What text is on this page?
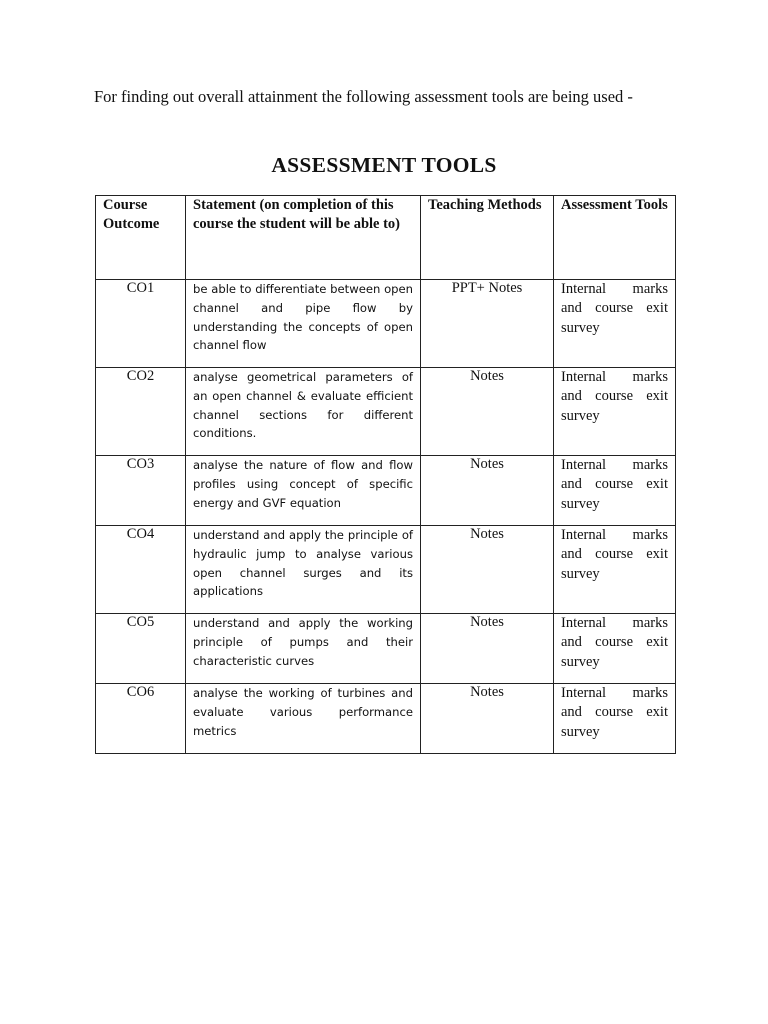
For finding out overall attainment the following assessment tools are being used -

ASSESSMENT TOOLS
Course Outcome	Statement (on completion of this course the student will be able to)	Teaching Methods	Assessment Tools

CO1	be able to differentiate between open channel and pipe flow by understanding the concepts of open channel flow	PPT+ Notes	Internal marks and course exit survey

CO2	analyse geometrical parameters of an open channel & evaluate efficient channel sections for different conditions.	Notes	Internal marks and course exit survey

CO3	analyse the nature of flow and flow profiles using concept of specific energy and GVF equation	Notes	Internal marks and course exit survey

CO4	understand and apply the principle of hydraulic jump to analyse various open channel surges and its applications	Notes	Internal marks and course exit survey

CO5	understand and apply the working principle of pumps and their characteristic curves	Notes	Internal marks and course exit survey

CO6	analyse the working of turbines and evaluate various performance metrics	Notes	Internal marks and course exit survey
